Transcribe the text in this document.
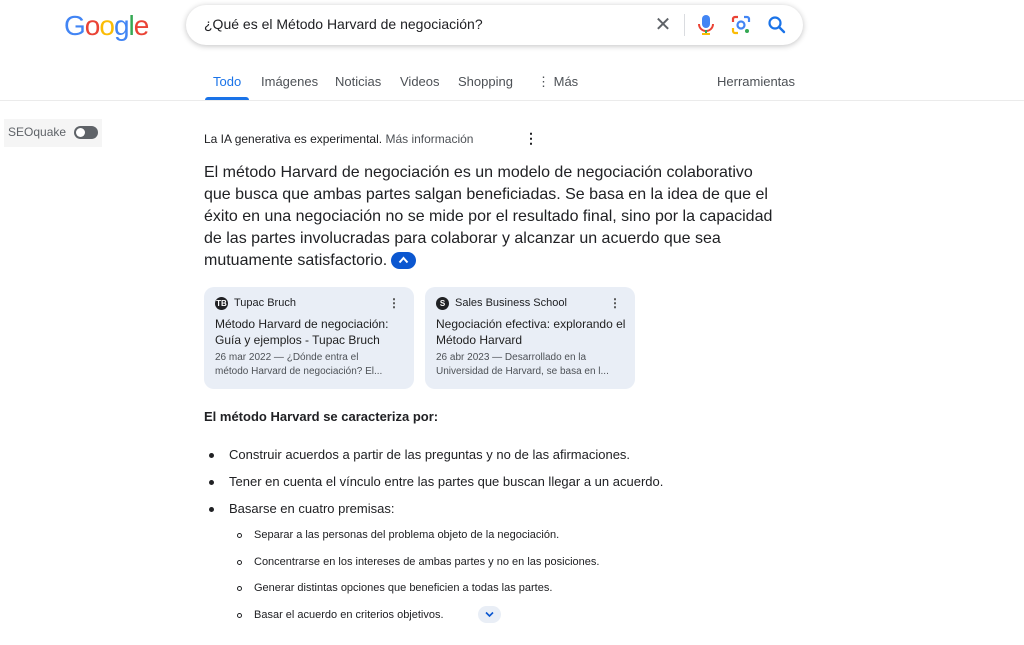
Google	¿Qué es el Método Harvard de negociación?	✕
Todo Imágenes Noticias Videos Shopping ⋮ Más	Herramientas
SEOquake	La IA generativa es experimental. Más información	⋮
El método Harvard de negociación es un modelo de negociación colaborativo que busca que ambas partes salgan beneficiadas. Se basa en la idea de que el éxito en una negociación no se mide por el resultado final, sino por la capacidad de las partes involucradas para colaborar y alcanzar un acuerdo que sea mutuamente satisfactorio.
TB Tupac Bruch	⋮
Método Harvard de negociación: Guía y ejemplos - Tupac Bruch
26 mar 2022 — ¿Dónde entra el
método Harvard de negociación? El...
S Sales Business School	⋮
Negociación efectiva: explorando el Método Harvard
26 abr 2023 — Desarrollado en la
Universidad de Harvard, se basa en l...
El método Harvard se caracteriza por:
Construir acuerdos a partir de las preguntas y no de las afirmaciones.
Tener en cuenta el vínculo entre las partes que buscan llegar a un acuerdo.
Basarse en cuatro premisas:
Separar a las personas del problema objeto de la negociación.
Concentrarse en los intereses de ambas partes y no en las posiciones.
Generar distintas opciones que beneficien a todas las partes.
Basar el acuerdo en criterios objetivos.
